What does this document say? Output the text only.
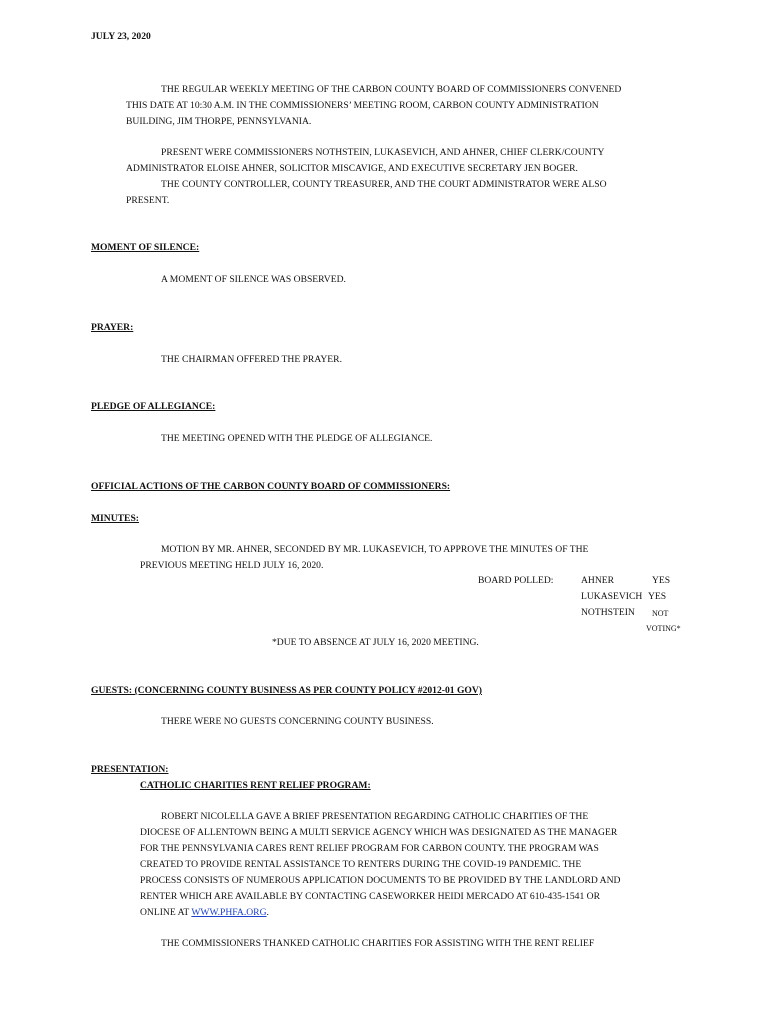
JULY 23, 2020
THE REGULAR WEEKLY MEETING OF THE CARBON COUNTY BOARD OF COMMISSIONERS CONVENED
THIS DATE AT 10:30 A.M. IN THE COMMISSIONERS’ MEETING ROOM, CARBON COUNTY ADMINISTRATION
BUILDING, JIM THORPE, PENNSYLVANIA.
PRESENT WERE COMMISSIONERS NOTHSTEIN, LUKASEVICH, AND AHNER, CHIEF CLERK/COUNTY
ADMINISTRATOR ELOISE AHNER, SOLICITOR MISCAVIGE, AND EXECUTIVE SECRETARY JEN BOGER.
THE COUNTY CONTROLLER, COUNTY TREASURER, AND THE COURT ADMINISTRATOR WERE ALSO
PRESENT.
MOMENT OF SILENCE:
A MOMENT OF SILENCE WAS OBSERVED.
PRAYER:
THE CHAIRMAN OFFERED THE PRAYER.
PLEDGE OF ALLEGIANCE:
THE MEETING OPENED WITH THE PLEDGE OF ALLEGIANCE.
OFFICIAL ACTIONS OF THE CARBON COUNTY BOARD OF COMMISSIONERS:
MINUTES:
MOTION BY MR. AHNER, SECONDED BY MR. LUKASEVICH, TO APPROVE THE MINUTES OF THE
PREVIOUS MEETING HELD JULY 16, 2020.
BOARD POLLED:	AHNER	YES
LUKASEVICH YES
NOTHSTEIN NOT
VOTING*
*DUE TO ABSENCE AT JULY 16, 2020 MEETING.
GUESTS: (CONCERNING COUNTY BUSINESS AS PER COUNTY POLICY #2012-01 GOV)
THERE WERE NO GUESTS CONCERNING COUNTY BUSINESS.
PRESENTATION:
CATHOLIC CHARITIES RENT RELIEF PROGRAM:
ROBERT NICOLELLA GAVE A BRIEF PRESENTATION REGARDING CATHOLIC CHARITIES OF THE
DIOCESE OF ALLENTOWN BEING A MULTI SERVICE AGENCY WHICH WAS DESIGNATED AS THE MANAGER
FOR THE PENNSYLVANIA CARES RENT RELIEF PROGRAM FOR CARBON COUNTY. THE PROGRAM WAS
CREATED TO PROVIDE RENTAL ASSISTANCE TO RENTERS DURING THE COVID-19 PANDEMIC. THE
PROCESS CONSISTS OF NUMEROUS APPLICATION DOCUMENTS TO BE PROVIDED BY THE LANDLORD AND
RENTER WHICH ARE AVAILABLE BY CONTACTING CASEWORKER HEIDI MERCADO AT 610-435-1541 OR
ONLINE AT WWW.PHFA.ORG.
THE COMMISSIONERS THANKED CATHOLIC CHARITIES FOR ASSISTING WITH THE RENT RELIEF
